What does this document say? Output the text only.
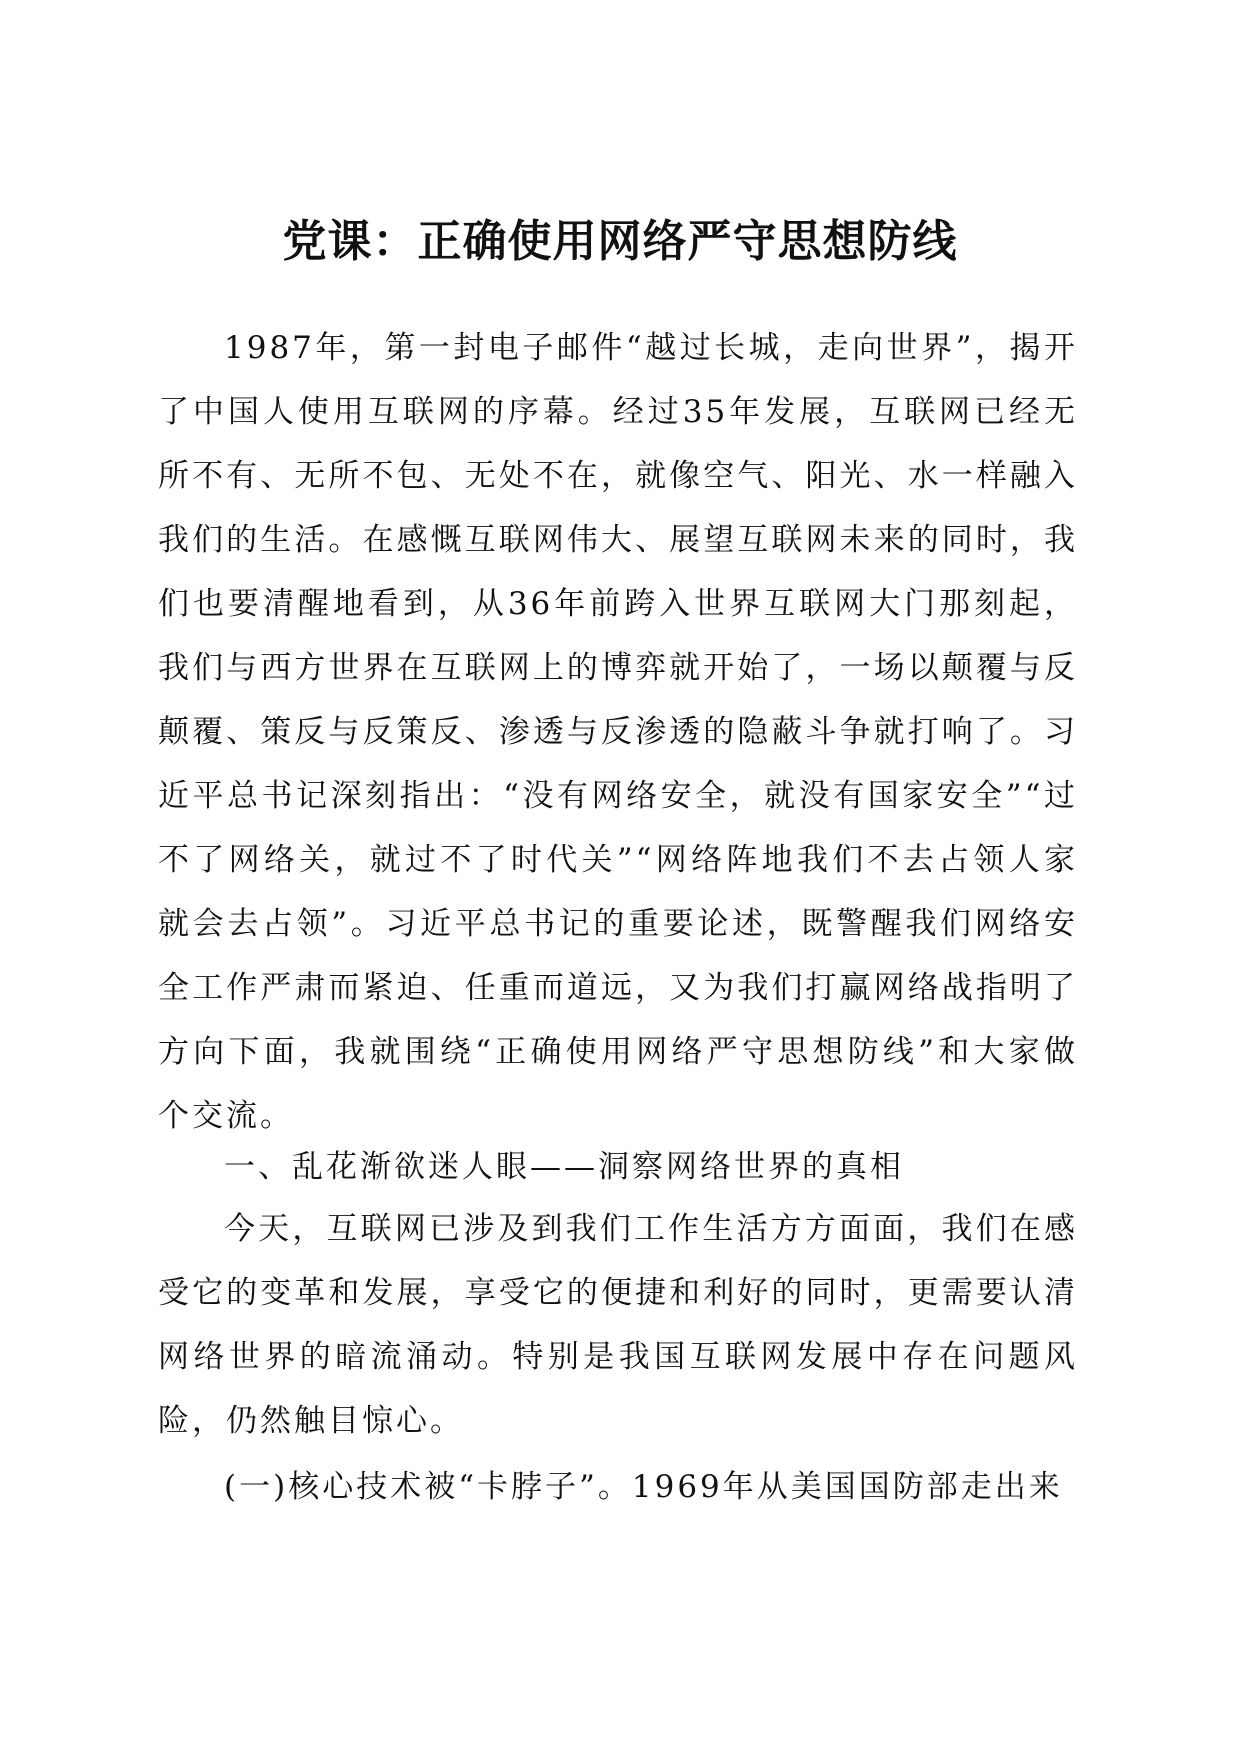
党课：正确使用网络严守思想防线

1987年，第一封电子邮件“越过长城，走向世界”，揭开了中国人使用互联网的序幕。经过35年发展，互联网已经无所不有、无所不包、无处不在，就像空气、阳光、水一样融入我们的生活。在感慨互联网伟大、展望互联网未来的同时，我们也要清醒地看到，从36年前跨入世界互联网大门那刻起，我们与西方世界在互联网上的博弈就开始了，一场以颠覆与反颠覆、策反与反策反、渗透与反渗透的隐蔽斗争就打响了。习近平总书记深刻指出：“没有网络安全，就没有国家安全”“过不了网络关，就过不了时代关”“网络阵地我们不去占领人家就会去占领”。习近平总书记的重要论述，既警醒我们网络安全工作严肃而紧迫、任重而道远，又为我们打赢网络战指明了方向下面，我就围绕“正确使用网络严守思想防线”和大家做个交流。

一、乱花渐欲迷人眼——洞察网络世界的真相

今天，互联网已涉及到我们工作生活方方面面，我们在感受它的变革和发展，享受它的便捷和利好的同时，更需要认清网络世界的暗流涌动。特别是我国互联网发展中存在问题风险，仍然触目惊心。

(一)核心技术被“卡脖子”。1969年从美国国防部走出来
